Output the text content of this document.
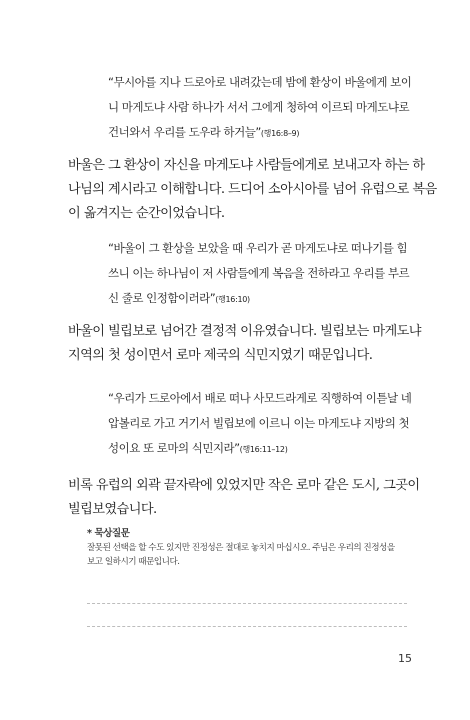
“무시아를 지나 드로아로 내려갔는데 밤에 환상이 바울에게 보이

니 마게도냐 사람 하나가 서서 그에게 청하여 이르되 마게도냐로

건너와서 우리를 도우라 하거늘”(행16:8–9)

바울은 그 환상이 자신을 마게도냐 사람들에게로 보내고자 하는 하

나님의 계시라고 이해합니다. 드디어 소아시아를 넘어 유럽으로 복음

이 옮겨지는 순간이었습니다.

“바울이 그 환상을 보았을 때 우리가 곧 마게도냐로 떠나기를 힘

쓰니 이는 하나님이 저 사람들에게 복음을 전하라고 우리를 부르

신 줄로 인정함이러라”(행16:10)

바울이 빌립보로 넘어간 결정적 이유였습니다. 빌립보는 마게도냐

지역의 첫 성이면서 로마 제국의 식민지였기 때문입니다.

“우리가 드로아에서 배로 떠나 사모드라게로 직행하여 이튿날 네

압볼리로 가고 거기서 빌립보에 이르니 이는 마게도냐 지방의 첫

성이요 또 로마의 식민지라”(행16:11–12)

비록 유럽의 외곽 끝자락에 있었지만 작은 로마 같은 도시, 그곳이

빌립보였습니다.

* 묵상질문
잘못된 선택을 할 수도 있지만 진정성은 절대로 놓치지 마십시오. 주님은 우리의 진정성을
보고 일하시기 때문입니다.
15
